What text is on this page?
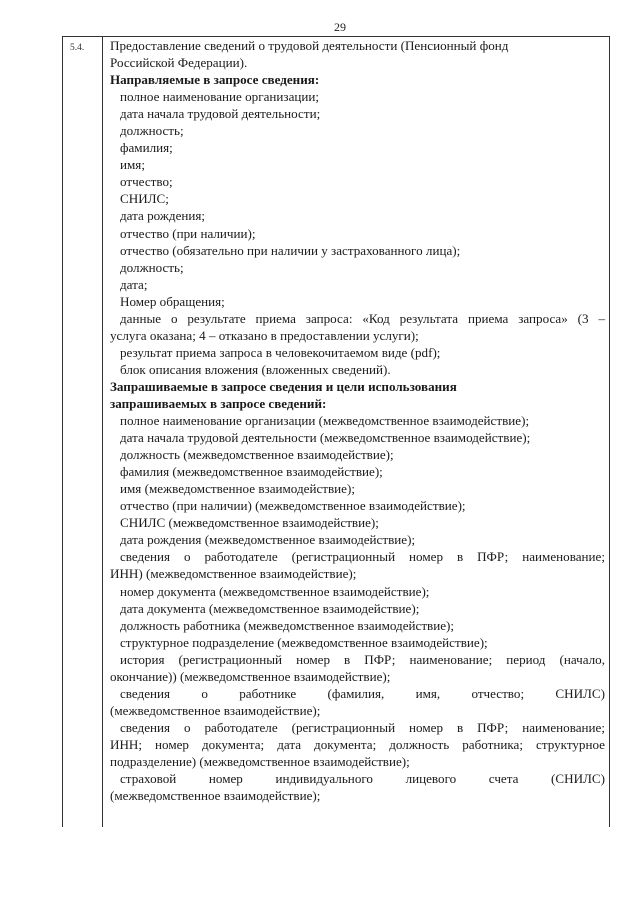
29
5.4. Предоставление сведений о трудовой деятельности (Пенсионный фонд

Российской Федерации).

Направляемые в запросе сведения:

полное наименование организации;

дата начала трудовой деятельности;

должность;

фамилия;

имя;

отчество;

СНИЛС;

дата рождения;

отчество (при наличии);

отчество (обязательно при наличии у застрахованного лица);

должность;

дата;

Номер обращения;

данные о результате приема запроса: «Код результата приема запроса» (3 –

услуга оказана; 4 – отказано в предоставлении услуги);

результат приема запроса в человекочитаемом виде (pdf);

блок описания вложения (вложенных сведений).

Запрашиваемые в запросе сведения и цели использования

запрашиваемых в запросе сведений:

полное наименование организации (межведомственное взаимодействие);

дата начала трудовой деятельности (межведомственное взаимодействие);

должность (межведомственное взаимодействие);

фамилия (межведомственное взаимодействие);

имя (межведомственное взаимодействие);

отчество (при наличии) (межведомственное взаимодействие);

СНИЛС (межведомственное взаимодействие);

дата рождения (межведомственное взаимодействие);

сведения о работодателе (регистрационный номер в ПФР; наименование;

ИНН) (межведомственное взаимодействие);

номер документа (межведомственное взаимодействие);

дата документа (межведомственное взаимодействие);

должность работника (межведомственное взаимодействие);

структурное подразделение (межведомственное взаимодействие);

история (регистрационный номер в ПФР; наименование; период (начало,

окончание)) (межведомственное взаимодействие);

сведения о работнике (фамилия, имя, отчество; СНИЛС)

(межведомственное взаимодействие);

сведения о работодателе (регистрационный номер в ПФР; наименование;

ИНН; номер документа; дата документа; должность работника; структурное

подразделение) (межведомственное взаимодействие);

страховой номер индивидуального лицевого счета (СНИЛС)

(межведомственное взаимодействие);
